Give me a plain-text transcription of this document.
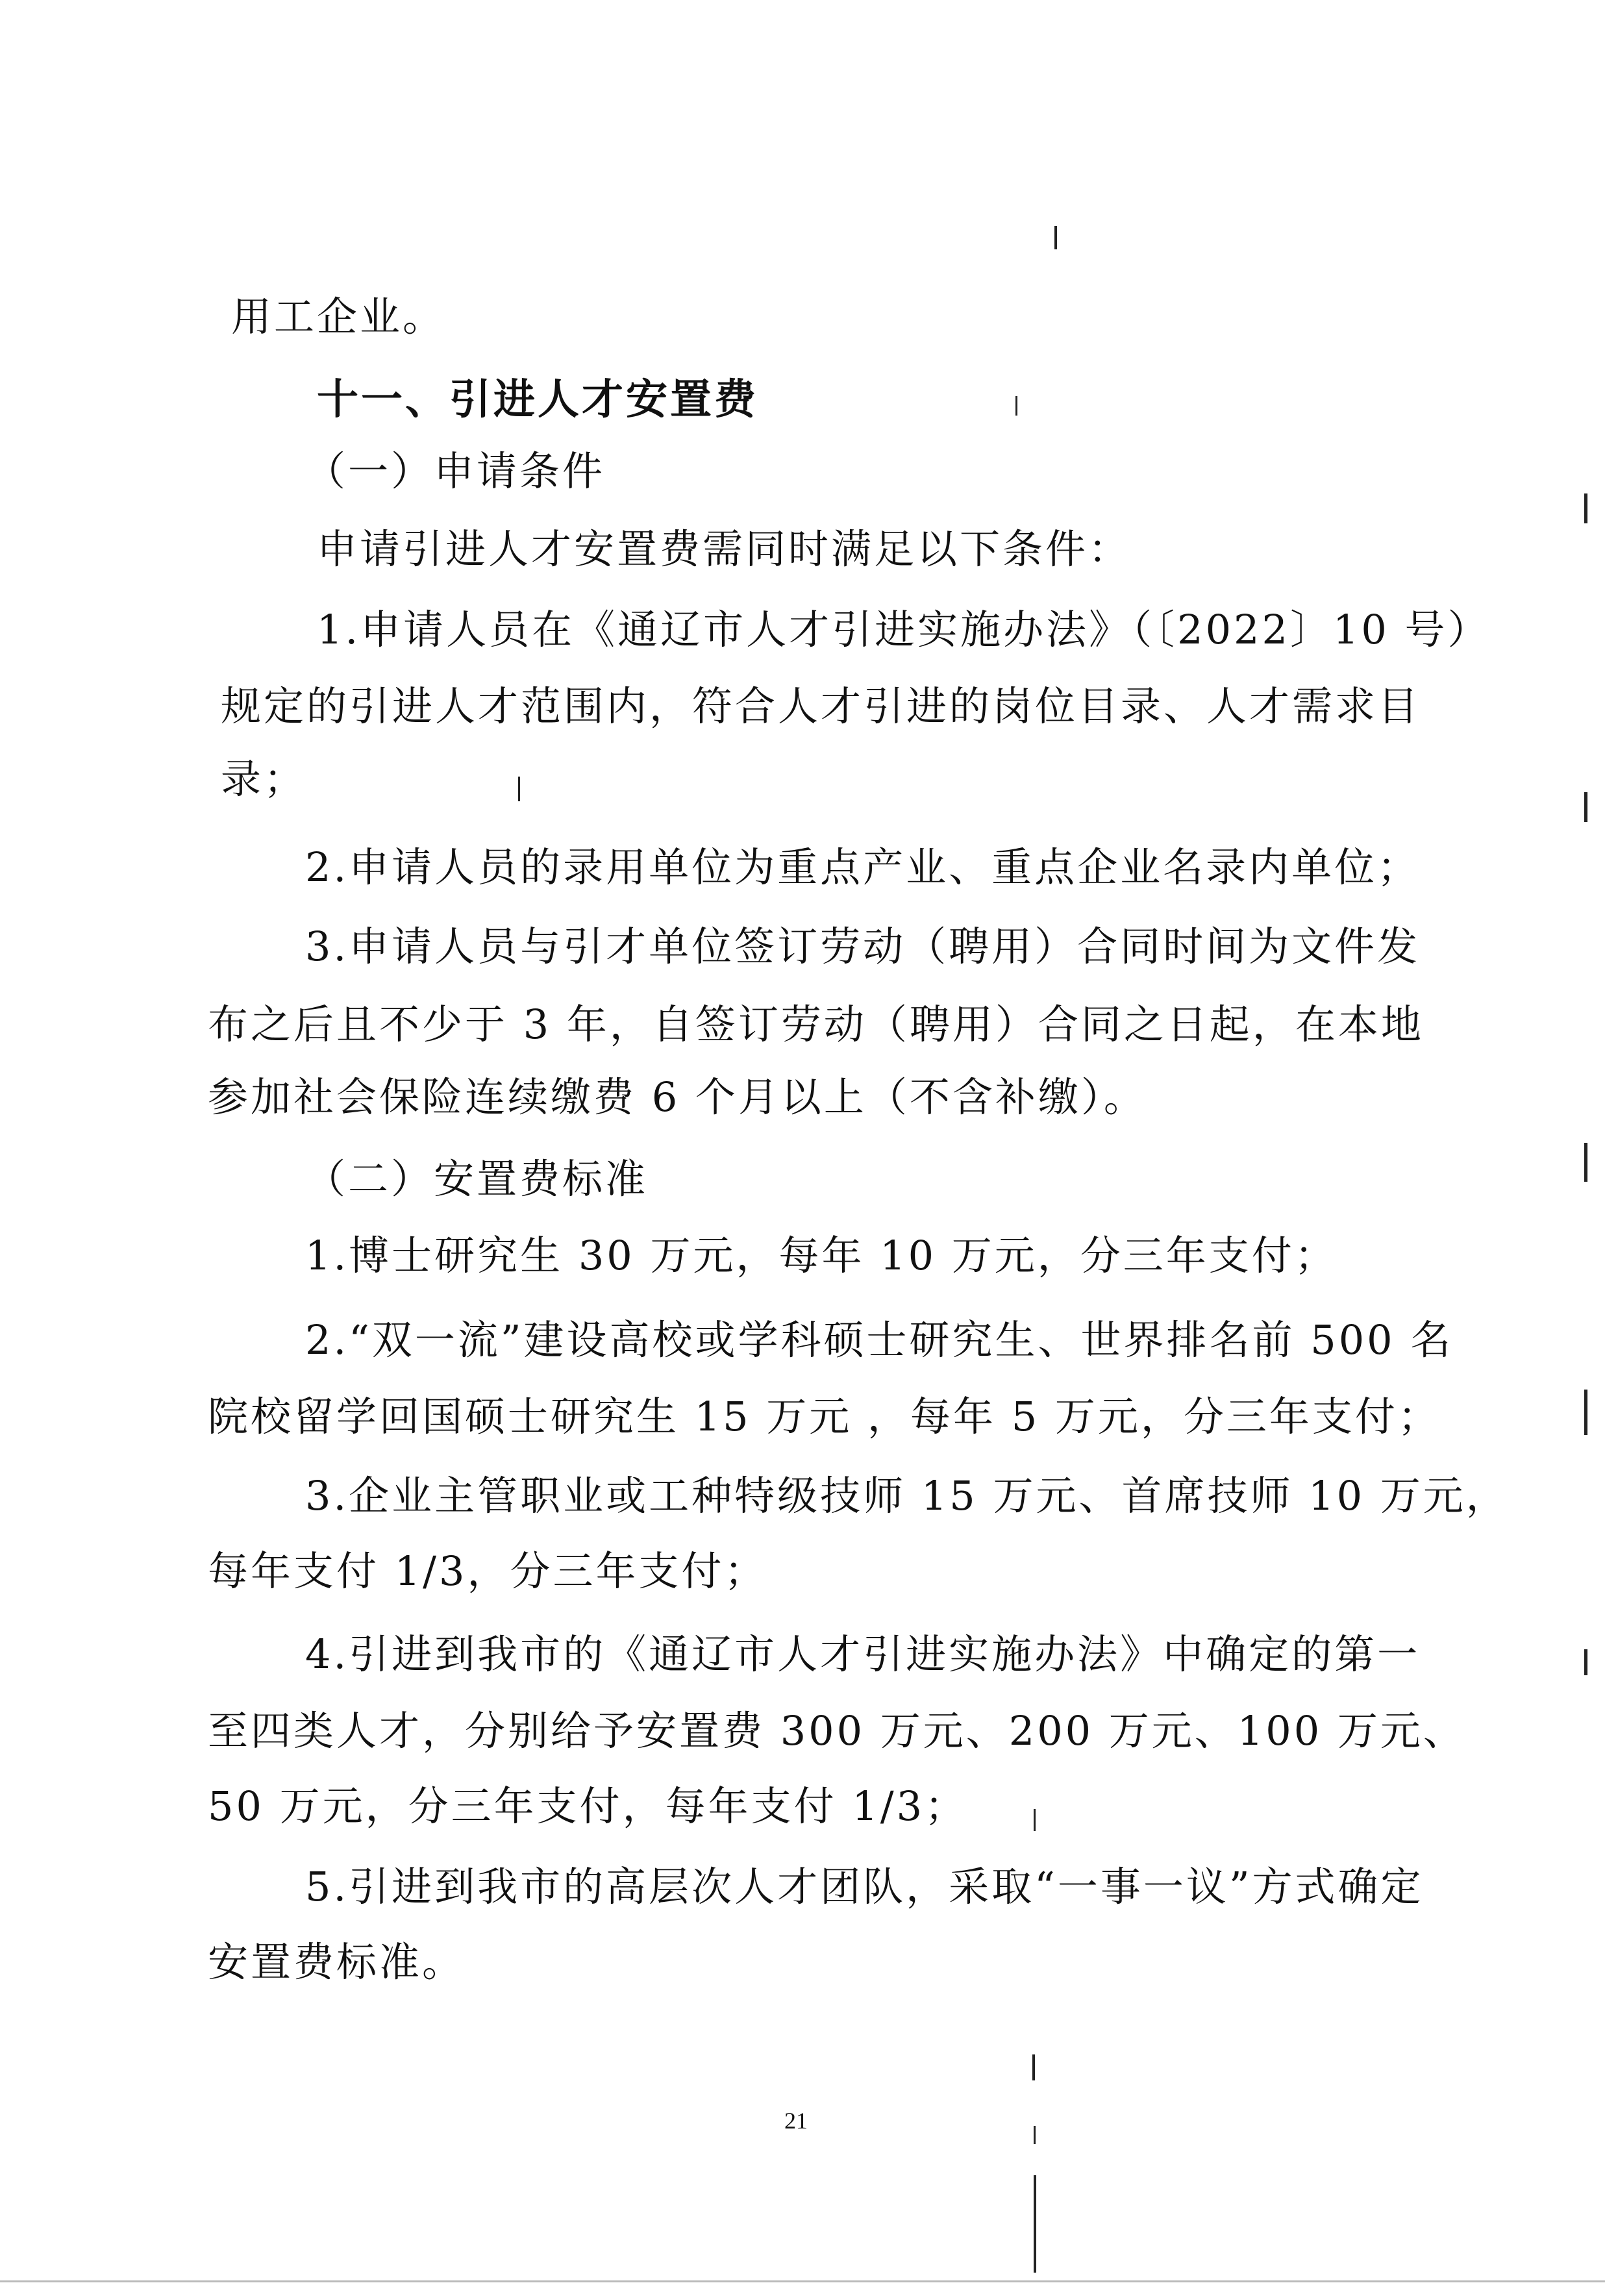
用工企业。
十一、引进人才安置费
（一）申请条件
申请引进人才安置费需同时满足以下条件：
1.申请人员在《通辽市人才引进实施办法》（〔2022〕10 号）
规定的引进人才范围内，符合人才引进的岗位目录、人才需求目
录；
2.申请人员的录用单位为重点产业、重点企业名录内单位；
3.申请人员与引才单位签订劳动（聘用）合同时间为文件发
布之后且不少于 3 年，自签订劳动（聘用）合同之日起，在本地
参加社会保险连续缴费 6 个月以上（不含补缴）。
（二）安置费标准
1.博士研究生 30 万元，每年 10 万元，分三年支付；
2.“双一流”建设高校或学科硕士研究生、世界排名前 500 名
院校留学回国硕士研究生 15 万元 ，每年 5 万元，分三年支付；
3.企业主管职业或工种特级技师 15 万元、首席技师 10 万元，
每年支付 1/3，分三年支付；
4.引进到我市的《通辽市人才引进实施办法》中确定的第一
至四类人才，分别给予安置费 300 万元、200 万元、100 万元、
50 万元，分三年支付，每年支付 1/3；
5.引进到我市的高层次人才团队，采取“一事一议”方式确定
安置费标准。
21
